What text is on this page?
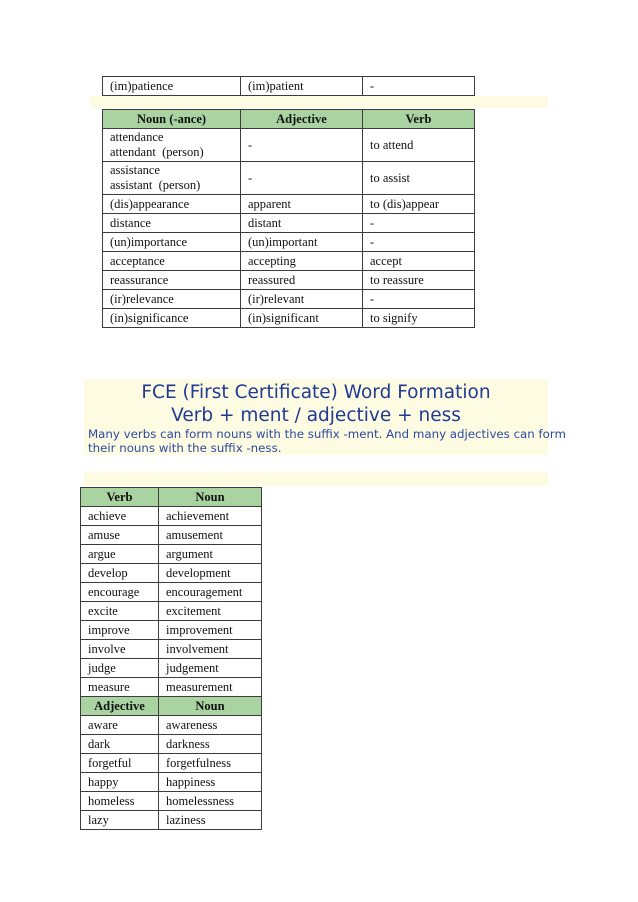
(im)patience	(im)patient	-
Noun (-ance)	Adjective	Verb

attendance
attendant  (person)	-	to attend

assistance
assistant  (person)	-	to assist
(dis)appearance	apparent	to (dis)appear
distance	distant	-
(un)importance	(un)important	-
acceptance	accepting	accept
reassurance	reassured	to reassure
(ir)relevance	(ir)relevant	-
(in)significance	(in)significant	to signify
FCE (First Certificate) Word Formation
Verb + ment / adjective + ness
Many verbs can form nouns with the suffix -ment. And many adjectives can form
their nouns with the suffix -ness.
Verb	Noun
achieve	achievement
amuse	amusement
argue	argument
develop	development
encourage	encouragement
excite	excitement
improve	improvement
involve	involvement
judge	judgement
measure	measurement
Adjective	Noun
aware	awareness
dark	darkness
forgetful	forgetfulness
happy	happiness
homeless	homelessness
lazy	laziness
